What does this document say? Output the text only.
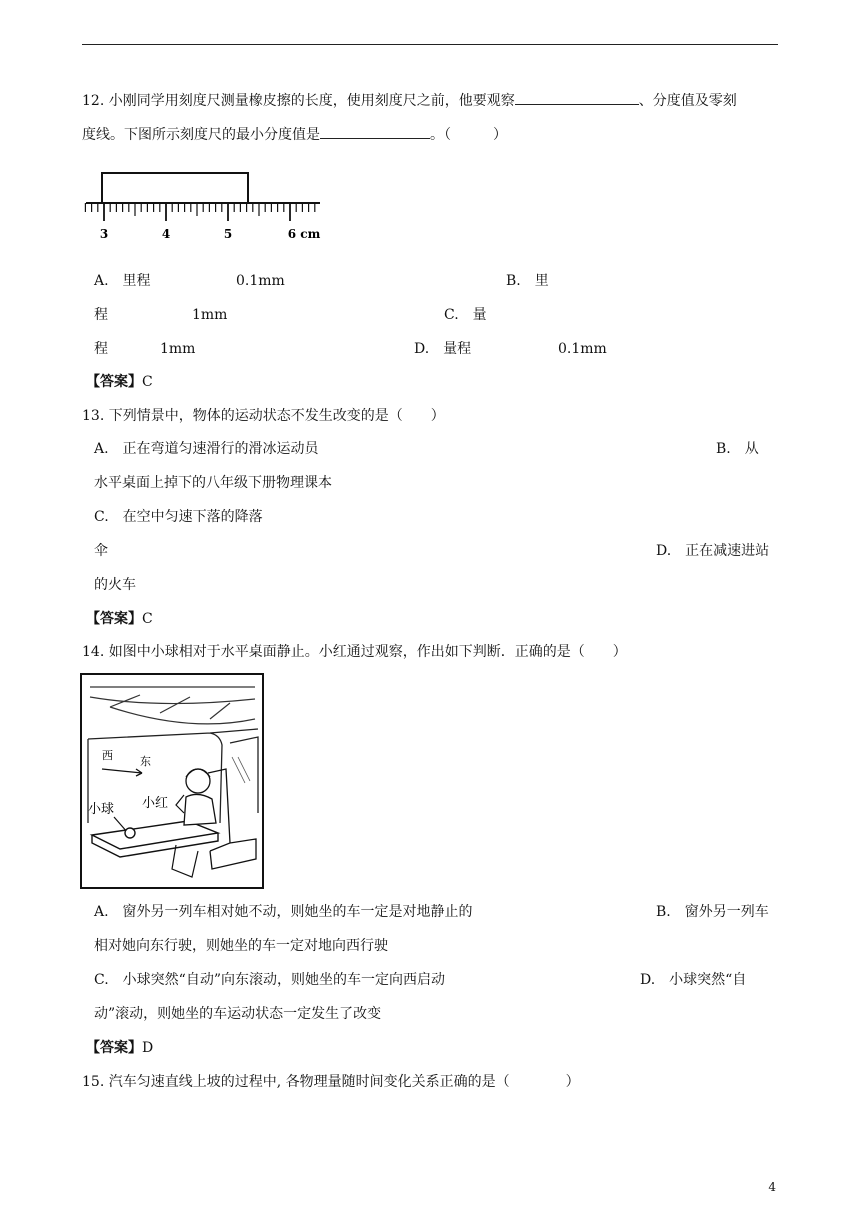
12. 小刚同学用刻度尺测量橡皮擦的长度，使用刻度尺之前，他要观察	、分度值及零刻
度线。下图所示刻度尺的最小分度值是	。（　　　）
3	4	5	6 cm
A.　里程	0.1mm	B.　里
程	1mm	C.　量
程	1mm	D.　量程	0.1mm
【答案】C
13. 下列情景中，物体的运动状态不发生改变的是（　　）
A.　正在弯道匀速滑行的滑冰运动员	B.　从
水平桌面上掉下的八年级下册物理课本
C.　在空中匀速下落的降落
伞	D.　正在减速进站
的火车
【答案】C
14. 如图中小球相对于水平桌面静止。小红通过观察，作出如下判断．正确的是（　　）
西 东
小球 小红
A.　窗外另一列车相对她不动，则她坐的车一定是对地静止的	B.　窗外另一列车
相对她向东行驶，则她坐的车一定对地向西行驶
C.　小球突然“自动”向东滚动，则她坐的车一定向西启动	D.　小球突然“自
动”滚动，则她坐的车运动状态一定发生了改变
【答案】D
15. 汽车匀速直线上坡的过程中, 各物理量随时间变化关系正确的是（　　　　）
4
